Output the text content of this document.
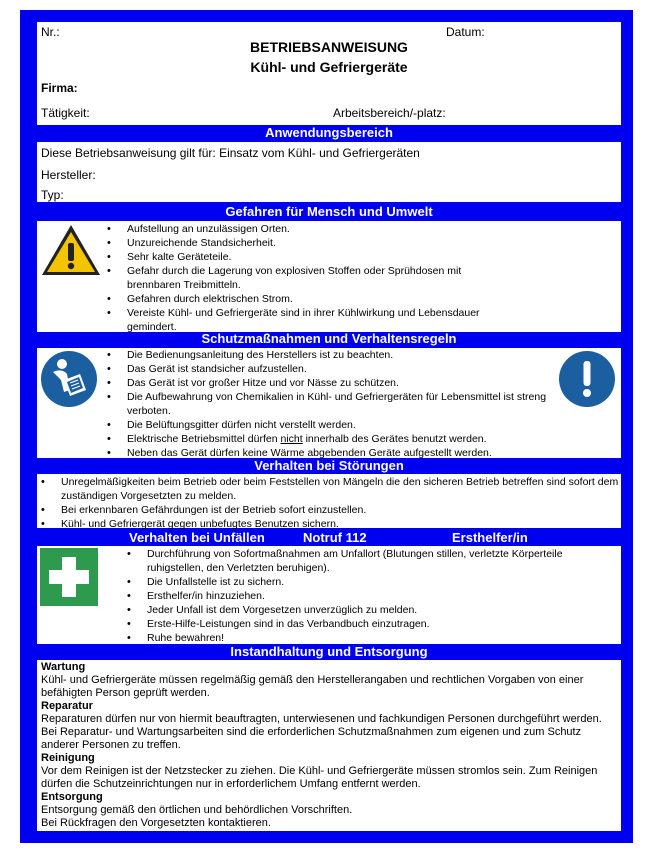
Nr.:	Datum:
BETRIEBSANWEISUNG
Kühl- und Gefriergeräte
Firma:
Tätigkeit:	Arbeitsbereich/-platz:
Anwendungsbereich
Diese Betriebsanweisung gilt für: Einsatz vom Kühl- und Gefriergeräten
Hersteller:
Typ:
Gefahren für Mensch und Umwelt
• Aufstellung an unzulässigen Orten.
• Unzureichende Standsicherheit.
• Sehr kalte Geräteteile.
• Gefahr durch die Lagerung von explosiven Stoffen oder Sprühdosen mit brennbaren Treibmitteln.
• Gefahren durch elektrischen Strom.
• Vereiste Kühl- und Gefriergeräte sind in ihrer Kühlwirkung und Lebensdauer gemindert.
Schutzmaßnahmen und Verhaltensregeln
• Die Bedienungsanleitung des Herstellers ist zu beachten.
• Das Gerät ist standsicher aufzustellen.
• Das Gerät ist vor großer Hitze und vor Nässe zu schützen.
• Die Aufbewahrung von Chemikalien in Kühl- und Gefriergeräten für Lebensmittel ist streng verboten.
• Die Belüftungsgitter dürfen nicht verstellt werden.
• Elektrische Betriebsmittel dürfen nicht innerhalb des Gerätes benutzt werden.
• Neben das Gerät dürfen keine Wärme abgebenden Geräte aufgestellt werden.
Verhalten bei Störungen
• Unregelmäßigkeiten beim Betrieb oder beim Feststellen von Mängeln die den sicheren Betrieb betreffen sind sofort dem zuständigen Vorgesetzten zu melden.
• Bei erkennbaren Gefährdungen ist der Betrieb sofort einzustellen.
• Kühl- und Gefriergerät gegen unbefugtes Benutzen sichern.
Verhalten bei Unfällen	Notruf 112	Ersthelfer/in
• Durchführung von Sofortmaßnahmen am Unfallort (Blutungen stillen, verletzte Körperteile ruhigstellen, den Verletzten beruhigen).
• Die Unfallstelle ist zu sichern.
• Ersthelfer/in hinzuziehen.
• Jeder Unfall ist dem Vorgesetzen unverzüglich zu melden.
• Erste-Hilfe-Leistungen sind in das Verbandbuch einzutragen.
• Ruhe bewahren!
Instandhaltung und Entsorgung
Wartung
Kühl- und Gefriergeräte müssen regelmäßig gemäß den Herstellerangaben und rechtlichen Vorgaben von einer befähigten Person geprüft werden.
Reparatur
Reparaturen dürfen nur von hiermit beauftragten, unterwiesenen und fachkundigen Personen durchgeführt werden. Bei Reparatur- und Wartungsarbeiten sind die erforderlichen Schutzmaßnahmen zum eigenen und zum Schutz anderer Personen zu treffen.
Reinigung
Vor dem Reinigen ist der Netzstecker zu ziehen. Die Kühl- und Gefriergeräte müssen stromlos sein. Zum Reinigen dürfen die Schutzeinrichtungen nur in erforderlichem Umfang entfernt werden.
Entsorgung
Entsorgung gemäß den örtlichen und behördlichen Vorschriften.
Bei Rückfragen den Vorgesetzten kontaktieren.
